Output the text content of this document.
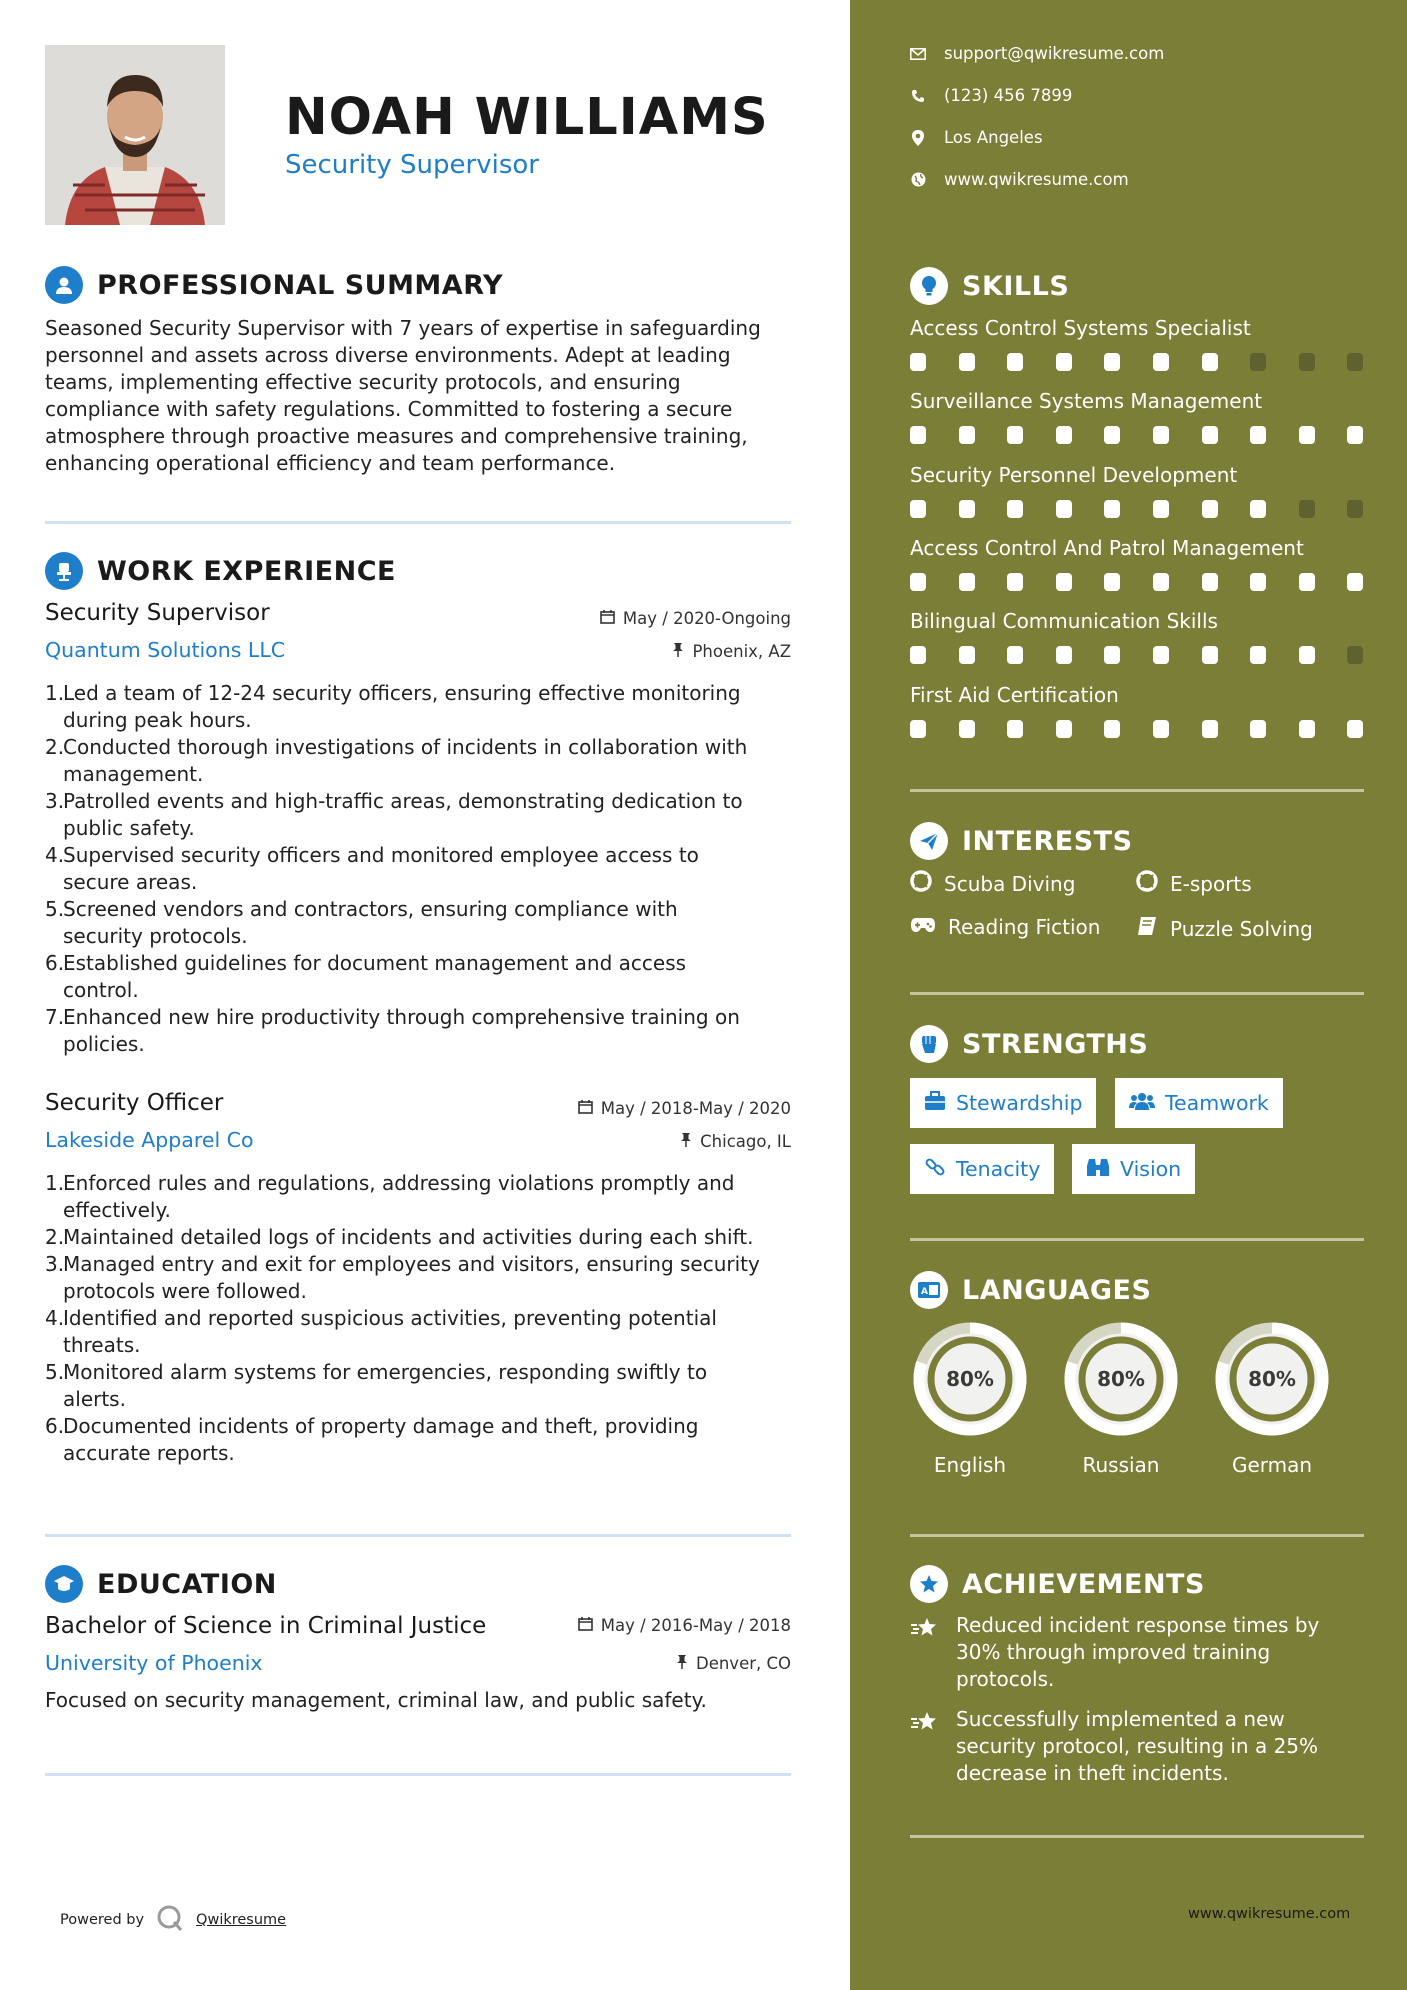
NOAH WILLIAMS
Security Supervisor
PROFESSIONAL SUMMARY
Seasoned Security Supervisor with 7 years of expertise in safeguarding
personnel and assets across diverse environments. Adept at leading
teams, implementing effective security protocols, and ensuring
compliance with safety regulations. Committed to fostering a secure
atmosphere through proactive measures and comprehensive training,
enhancing operational efficiency and team performance.
WORK EXPERIENCE
Security Supervisor	May / 2020-Ongoing
Quantum Solutions LLC	Phoenix, AZ
1.
Led a team of 12-24 security officers, ensuring effective monitoring
during peak hours.
2.
Conducted thorough investigations of incidents in collaboration with
management.
3.
Patrolled events and high-traffic areas, demonstrating dedication to
public safety.
4.
Supervised security officers and monitored employee access to
secure areas.
5.
Screened vendors and contractors, ensuring compliance with
security protocols.
6.
Established guidelines for document management and access
control.
7.
Enhanced new hire productivity through comprehensive training on
policies.
Security Officer	May / 2018-May / 2020
Lakeside Apparel Co	Chicago, IL
1.
Enforced rules and regulations, addressing violations promptly and
effectively.
2.
Maintained detailed logs of incidents and activities during each shift.
3.
Managed entry and exit for employees and visitors, ensuring security
protocols were followed.
4.
Identified and reported suspicious activities, preventing potential
threats.
5.
Monitored alarm systems for emergencies, responding swiftly to
alerts.
6.
Documented incidents of property damage and theft, providing
accurate reports.
EDUCATION
Bachelor of Science in Criminal Justice	May / 2016-May / 2018
University of Phoenix	Denver, CO
Focused on security management, criminal law, and public safety.
Powered by	Qwikresume
support@qwikresume.com
(123) 456 7899
Los Angeles
www.qwikresume.com
SKILLS
Access Control Systems Specialist
Surveillance Systems Management
Security Personnel Development
Access Control And Patrol Management
Bilingual Communication Skills
First Aid Certification
INTERESTS
Scuba Diving	E-sports
Reading Fiction	Puzzle Solving
STRENGTHS
Stewardship	Teamwork
Tenacity	Vision
A LANGUAGES
80%
English
80%
Russian
80%
German
ACHIEVEMENTS
Reduced incident response times by
30% through improved training
protocols.
Successfully implemented a new
security protocol, resulting in a 25%
decrease in theft incidents.
www.qwikresume.com
